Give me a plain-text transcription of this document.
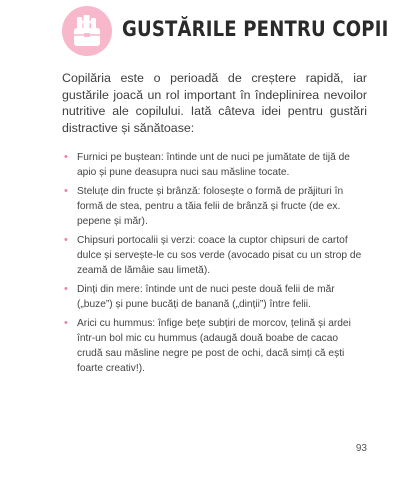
GUSTĂRILE PENTRU COPII

Copilăria este o perioadă de creștere rapidă, iar gustările joacă un rol important în îndeplinirea nevoilor nutritive ale copilului. Iată câteva idei pentru gustări distractive și sănătoase:

• Furnici pe buștean: întinde unt de nuci pe jumătate de tijă de apio și pune deasupra nuci sau măsline tocate.
• Steluțe din fructe și brânză: folosește o formă de prăjituri în formă de stea, pentru a tăia felii de brânză și fructe (de ex. pepene și măr).
• Chipsuri portocalii și verzi: coace la cuptor chipsuri de cartof dulce și servește-le cu sos verde (avocado pisat cu un strop de zeamă de lămâie sau limetă).
• Dinți din mere: întinde unt de nuci peste două felii de măr („buze”) și pune bucăți de banană („dinții”) între felii.
• Arici cu hummus: înfige bețe subțiri de morcov, țelină și ardei într-un bol mic cu hummus (adaugă două boabe de cacao crudă sau măsline negre pe post de ochi, dacă simți că ești foarte creativ!).
93
